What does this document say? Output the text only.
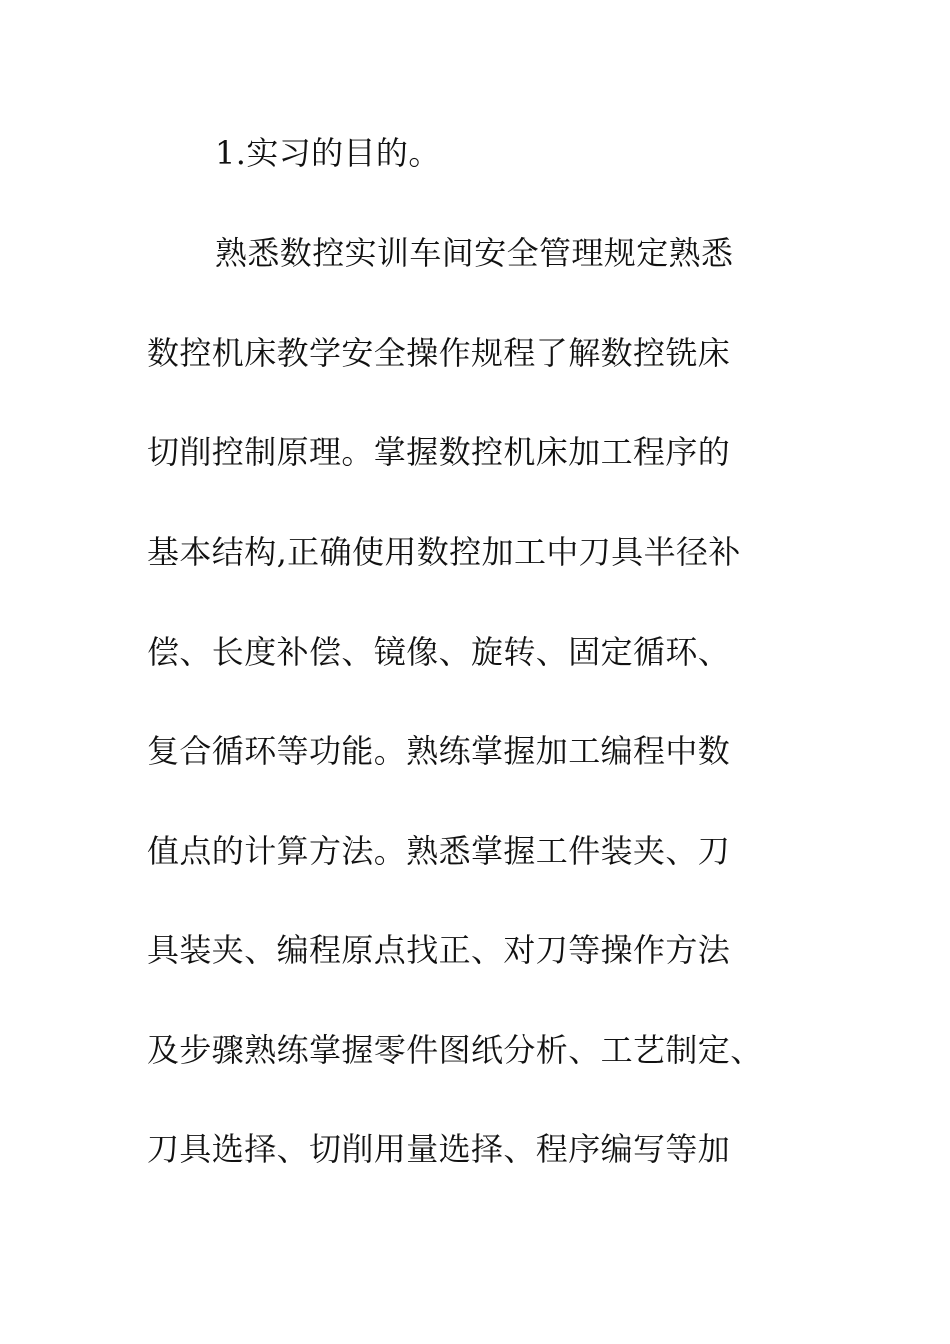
1.实习的目的。

熟悉数控实训车间安全管理规定熟悉

数控机床教学安全操作规程了解数控铣床

切削控制原理。掌握数控机床加工程序的

基本结构,正确使用数控加工中刀具半径补

偿、长度补偿、镜像、旋转、固定循环、

复合循环等功能。熟练掌握加工编程中数

值点的计算方法。熟悉掌握工件装夹、刀

具装夹、编程原点找正、对刀等操作方法

及步骤熟练掌握零件图纸分析、工艺制定、

刀具选择、切削用量选择、程序编写等加
